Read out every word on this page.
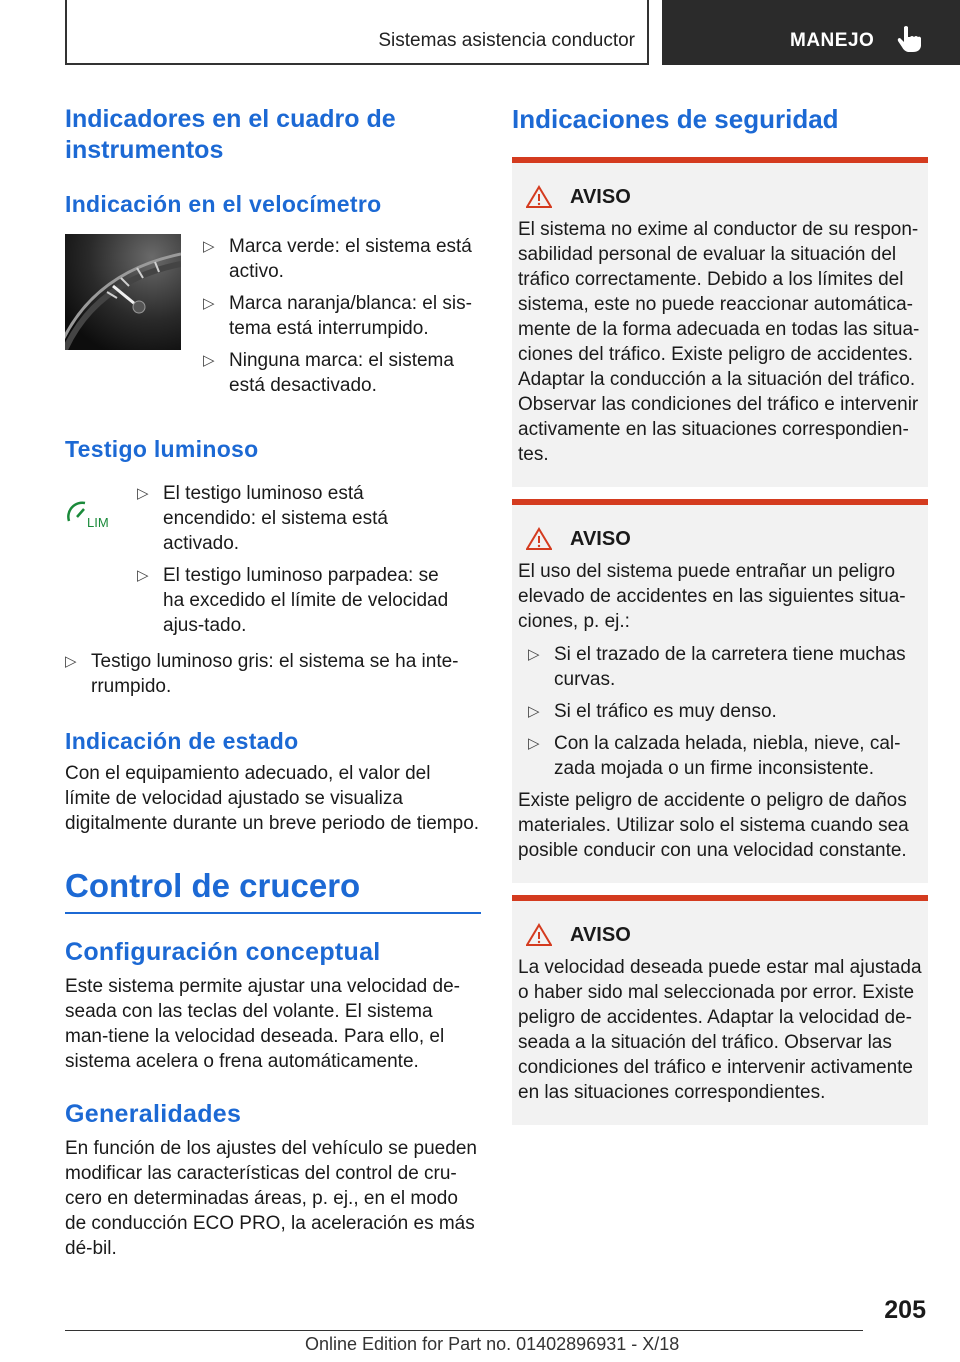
Sistemas asistencia conductor	MANEJO
Indicadores en el cuadro de instrumentos
Indicación en el velocímetro
▷ Marca verde: el sistema está activo.
▷ Marca naranja/blanca: el sis-tema está interrumpido.
▷ Ninguna marca: el sistema está desactivado.
Testigo luminoso
LIM
▷ El testigo luminoso está encendido: el sistema está activado.
▷ El testigo luminoso parpadea: se ha excedido el límite de velocidad ajus-tado.
▷ Testigo luminoso gris: el sistema se ha inte-rrumpido.
Indicación de estado
Con el equipamiento adecuado, el valor del límite de velocidad ajustado se visualiza digitalmente durante un breve periodo de tiempo.
Control de crucero
Configuración conceptual
Este sistema permite ajustar una velocidad de-seada con las teclas del volante. El sistema man-tiene la velocidad deseada. Para ello, el sistema acelera o frena automáticamente.
Generalidades
En función de los ajustes del vehículo se pueden modificar las características del control de cru-cero en determinadas áreas, p. ej., en el modo de conducción ECO PRO, la aceleración es más dé-bil.
Indicaciones de seguridad
AVISO
El sistema no exime al conductor de su respon-sabilidad personal de evaluar la situación del tráfico correctamente. Debido a los límites del sistema, este no puede reaccionar automática-mente de la forma adecuada en todas las situa-ciones del tráfico. Existe peligro de accidentes. Adaptar la conducción a la situación del tráfico. Observar las condiciones del tráfico e intervenir activamente en las situaciones correspondien-tes.
AVISO
El uso del sistema puede entrañar un peligro elevado de accidentes en las siguientes situa-ciones, p. ej.:
▷ Si el trazado de la carretera tiene muchas curvas.
▷ Si el tráfico es muy denso.
▷ Con la calzada helada, niebla, nieve, cal-zada mojada o un firme inconsistente.
Existe peligro de accidente o peligro de daños materiales. Utilizar solo el sistema cuando sea posible conducir con una velocidad constante.
AVISO
La velocidad deseada puede estar mal ajustada o haber sido mal seleccionada por error. Existe peligro de accidentes. Adaptar la velocidad de-seada a la situación del tráfico. Observar las condiciones del tráfico e intervenir activamente en las situaciones correspondientes.
205
Online Edition for Part no. 01402896931 - X/18
